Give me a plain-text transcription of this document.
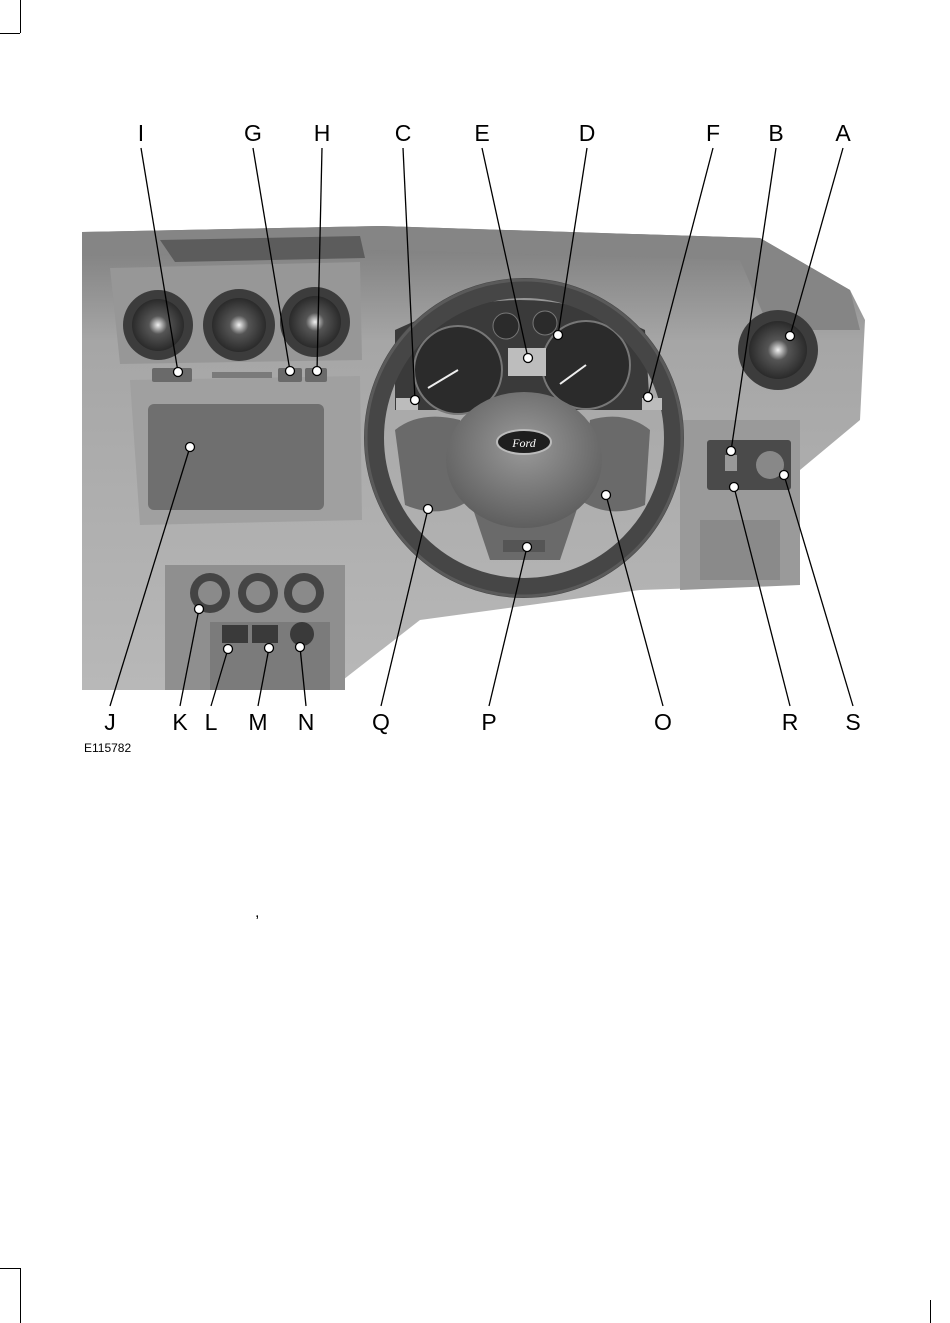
Ford
I	G H	C	E	D	F B A
J K L M N	Q	P	O	R S
E115782
,
